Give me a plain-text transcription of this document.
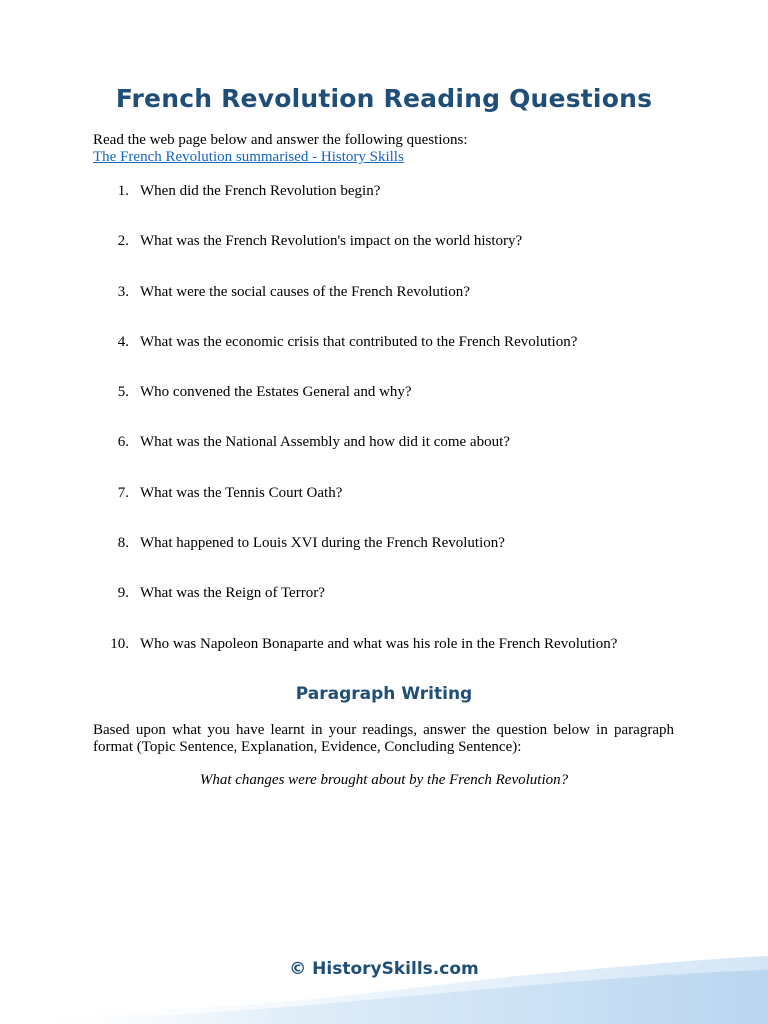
French Revolution Reading Questions
Read the web page below and answer the following questions:
The French Revolution summarised - History Skills
1. When did the French Revolution begin?
2. What was the French Revolution's impact on the world history?
3. What were the social causes of the French Revolution?
4. What was the economic crisis that contributed to the French Revolution?
5. Who convened the Estates General and why?
6. What was the National Assembly and how did it come about?
7. What was the Tennis Court Oath?
8. What happened to Louis XVI during the French Revolution?
9. What was the Reign of Terror?
10. Who was Napoleon Bonaparte and what was his role in the French Revolution?
Paragraph Writing
Based upon what you have learnt in your readings, answer the question below in paragraph format (Topic Sentence, Explanation, Evidence, Concluding Sentence):
What changes were brought about by the French Revolution?
© HistorySkills.com
